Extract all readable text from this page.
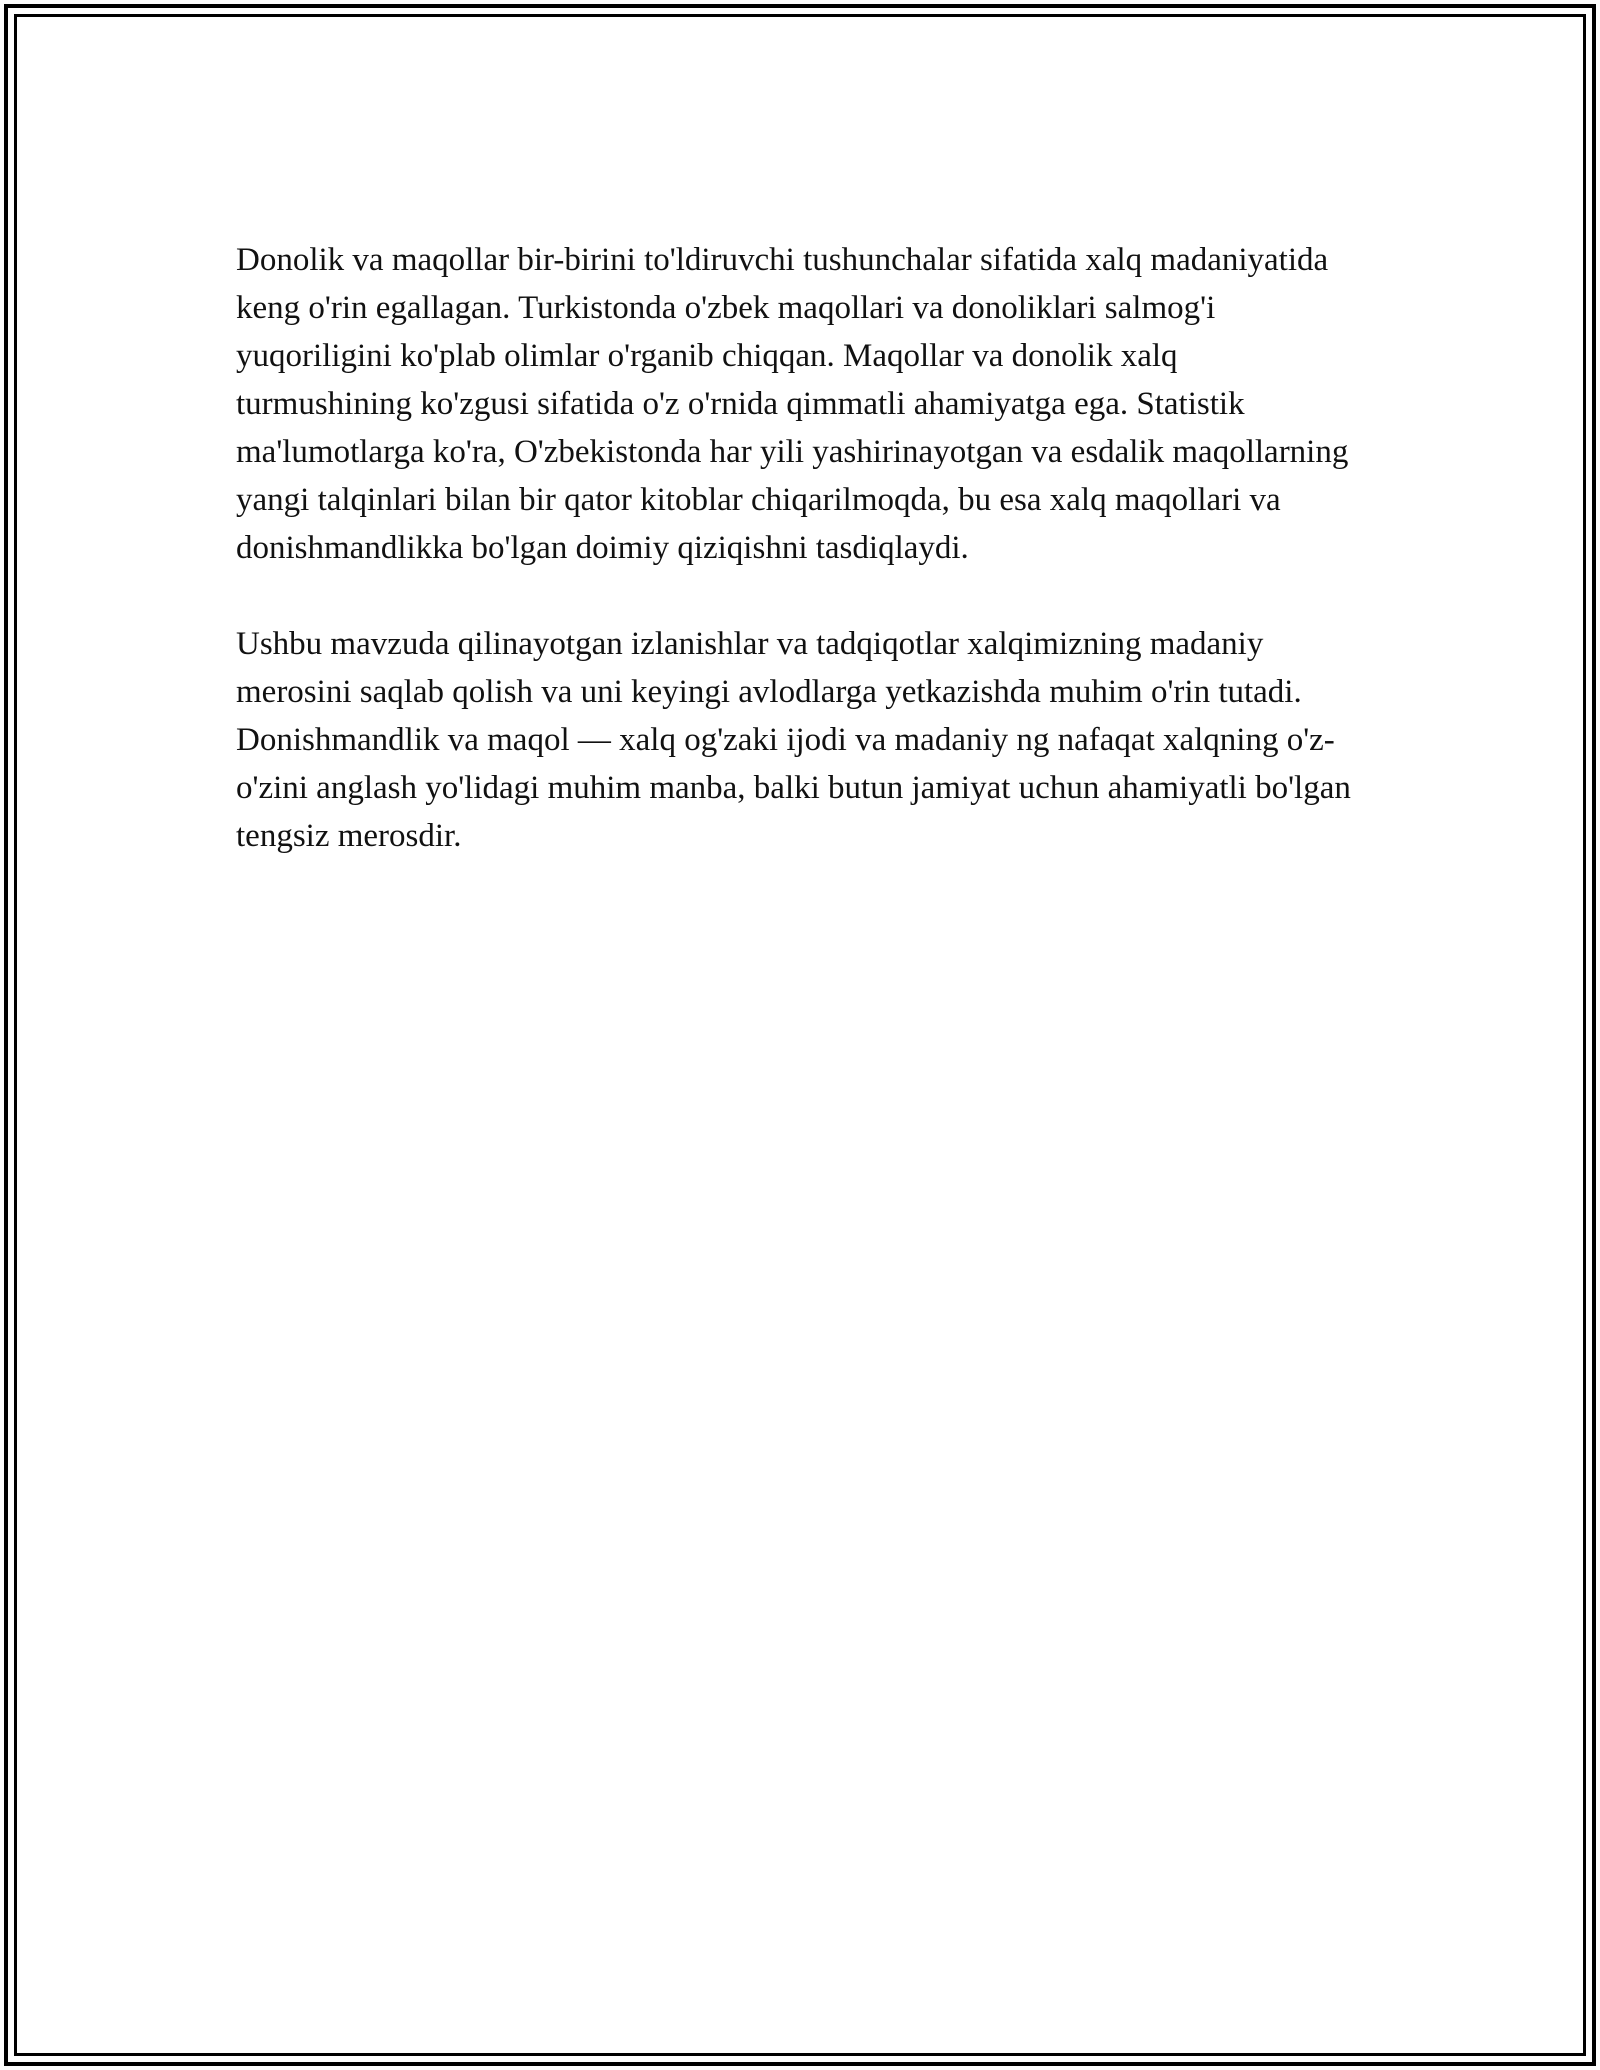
Donolik va maqollar bir-birini to'ldiruvchi tushunchalar sifatida xalq madaniyatida keng o'rin egallagan. Turkistonda o'zbek maqollari va donoliklari salmog'i yuqoriligini ko'plab olimlar o'rganib chiqqan. Maqollar va donolik xalq turmushining ko'zgusi sifatida o'z o'rnida qimmatli ahamiyatga ega. Statistik ma'lumotlarga ko'ra, O'zbekistonda har yili yashirinayotgan va esdalik maqollarning yangi talqinlari bilan bir qator kitoblar chiqarilmoqda, bu esa xalq maqollari va donishmandlikka bo'lgan doimiy qiziqishni tasdiqlaydi.

Ushbu mavzuda qilinayotgan izlanishlar va tadqiqotlar xalqimizning madaniy merosini saqlab qolish va uni keyingi avlodlarga yetkazishda muhim o'rin tutadi. Donishmandlik va maqol — xalq og'zaki ijodi va madaniy ng nafaqat xalqning o'z-o'zini anglash yo'lidagi muhim manba, balki butun jamiyat uchun ahamiyatli bo'lgan tengsiz merosdir.
